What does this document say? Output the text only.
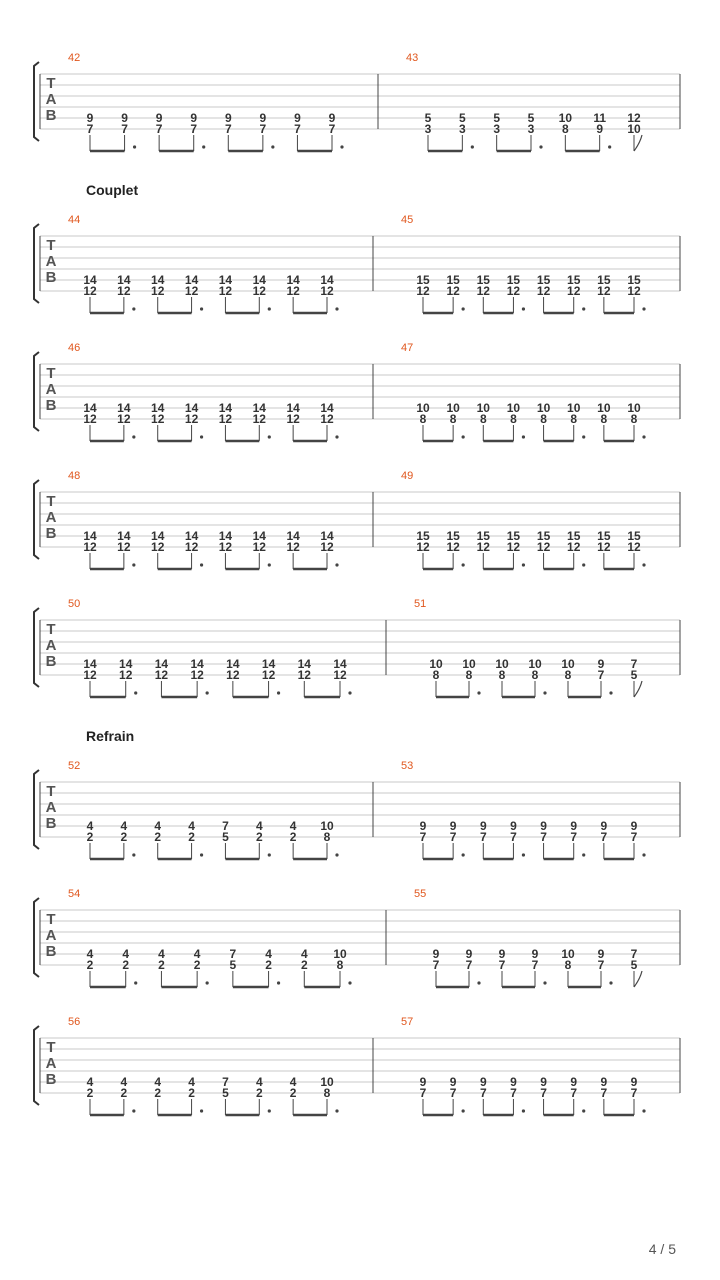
Couplet
Refrain
4 / 5
T
A
B
42
9
7
9
7
9
7
9
7
9
7
9
7
9
7
9
7
43
5
3
5
3
5
3
5
3
10
8
11
9
12
10
T
A
B
44
14
12
14
12
14
12
14
12
14
12
14
12
14
12
14
12
45
15
12
15
12
15
12
15
12
15
12
15
12
15
12
15
12
T
A
B
46
14
12
14
12
14
12
14
12
14
12
14
12
14
12
14
12
47
10
8
10
8
10
8
10
8
10
8
10
8
10
8
10
8
T
A
B
48
14
12
14
12
14
12
14
12
14
12
14
12
14
12
14
12
49
15
12
15
12
15
12
15
12
15
12
15
12
15
12
15
12
T
A
B
50
14
12
14
12
14
12
14
12
14
12
14
12
14
12
14
12
51
10
8
10
8
10
8
10
8
10
8
9
7
7
5
T
A
B
52
4
2
4
2
4
2
4
2
7
5
4
2
4
2
10
8
53
9
7
9
7
9
7
9
7
9
7
9
7
9
7
9
7
T
A
B
54
4
2
4
2
4
2
4
2
7
5
4
2
4
2
10
8
55
9
7
9
7
9
7
9
7
10
8
9
7
7
5
T
A
B
56
4
2
4
2
4
2
4
2
7
5
4
2
4
2
10
8
57
9
7
9
7
9
7
9
7
9
7
9
7
9
7
9
7
